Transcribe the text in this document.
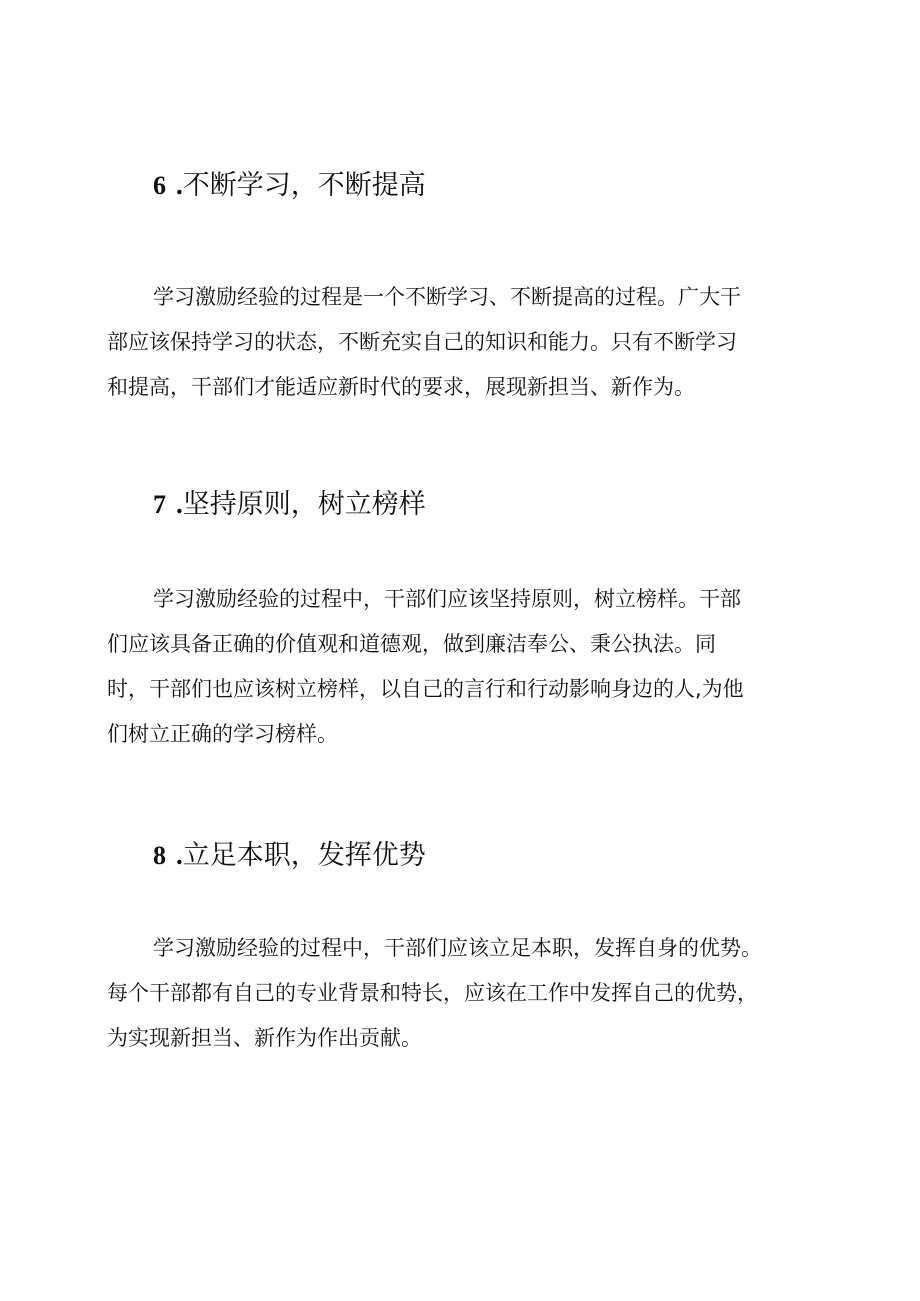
6 .不断学习，不断提高
学习激励经验的过程是一个不断学习、不断提高的过程。广大干
部应该保持学习的状态，不断充实自己的知识和能力。只有不断学习
和提高，干部们才能适应新时代的要求，展现新担当、新作为。
7 .坚持原则，树立榜样
学习激励经验的过程中，干部们应该坚持原则，树立榜样。干部
们应该具备正确的价值观和道德观，做到廉洁奉公、秉公执法。同
时，干部们也应该树立榜样，以自己的言行和行动影响身边的人,为他
们树立正确的学习榜样。
8 .立足本职，发挥优势
学习激励经验的过程中，干部们应该立足本职，发挥自身的优势。
每个干部都有自己的专业背景和特长，应该在工作中发挥自己的优势，
为实现新担当、新作为作出贡献。
